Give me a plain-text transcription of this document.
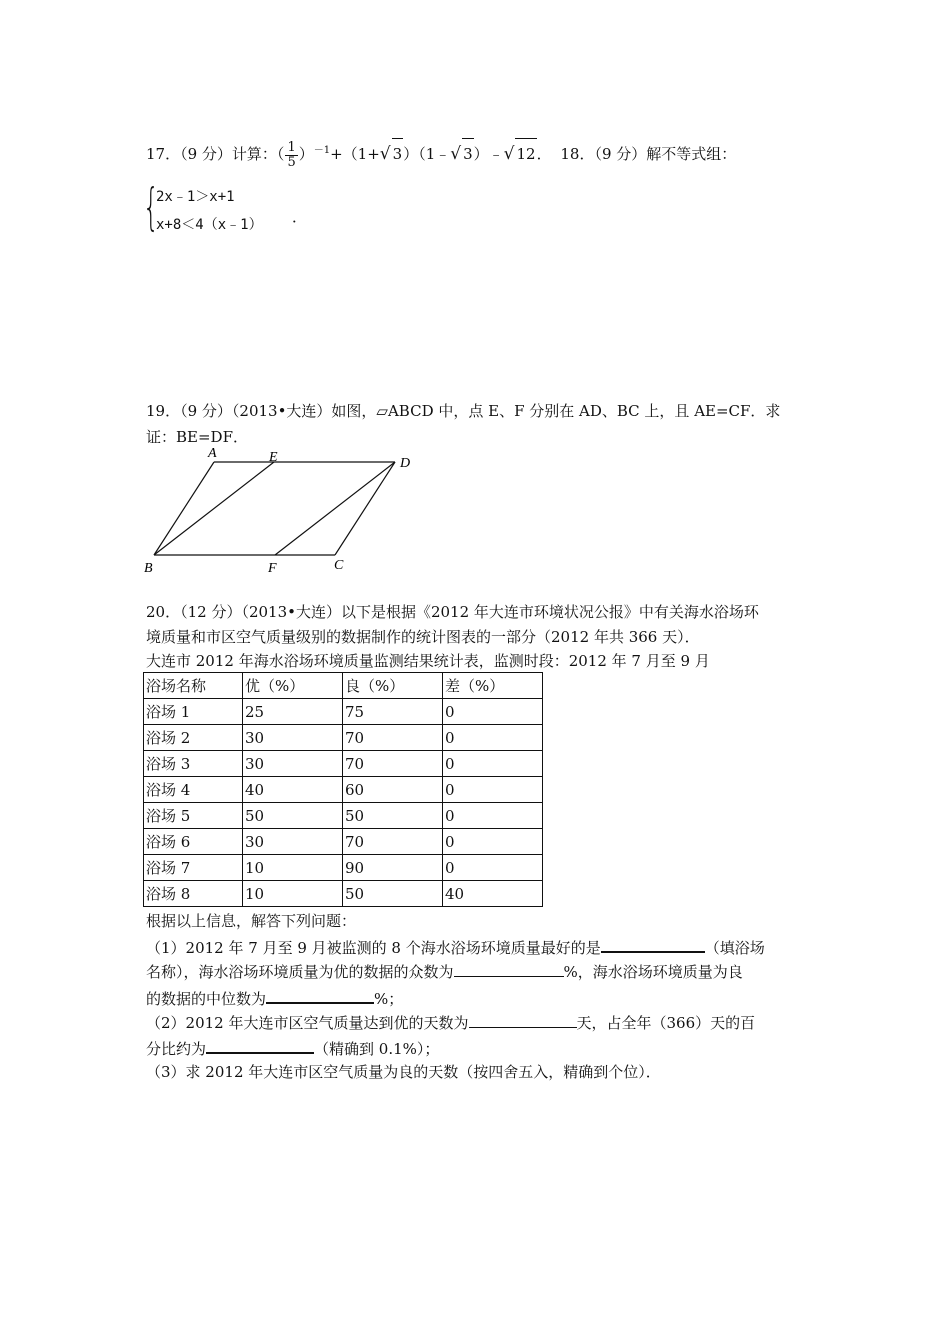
17．（9 分）计算：（ $\frac{1}{5} )^{-1}+(1+√$ 3）（1﹣√ 3）﹣√ 12． 18．（9 分）解不等式组：
{
2x﹣1＞x+1
x+8＜4（x﹣1） ．
19．（9 分）（2013•大连）如图，▱ABCD 中，点 E、F 分别在 AD、BC 上，且 AE=CF．求
证：BE=DF．
A	E	D
B	F	C
20．（12 分）（2013•大连）以下是根据《2012 年大连市环境状况公报》中有关海水浴场环
境质量和市区空气质量级别的数据制作的统计图表的一部分（2012 年共 366 天）．
大连市 2012 年海水浴场环境质量监测结果统计表，监测时段：2012 年 7 月至 9 月
浴场名称	优（%）	良（%）	差（%）
浴场 1	25	75	0
浴场 2	30	70	0
浴场 3	30	70	0
浴场 4	40	60	0
浴场 5	50	50	0
浴场 6	30	70	0
浴场 7	10	90	0
浴场 8	10	50	40
根据以上信息，解答下列问题：
（1）2012 年 7 月至 9 月被监测的 8 个海水浴场环境质量最好的是	（填浴场
名称），海水浴场环境质量为优的数据的众数为	%，海水浴场环境质量为良
的数据的中位数为	%；
（2）2012 年大连市区空气质量达到优的天数为	天，占全年（366）天的百
分比约为	（精确到 0.1%）；
（3）求 2012 年大连市区空气质量为良的天数（按四舍五入，精确到个位）．
